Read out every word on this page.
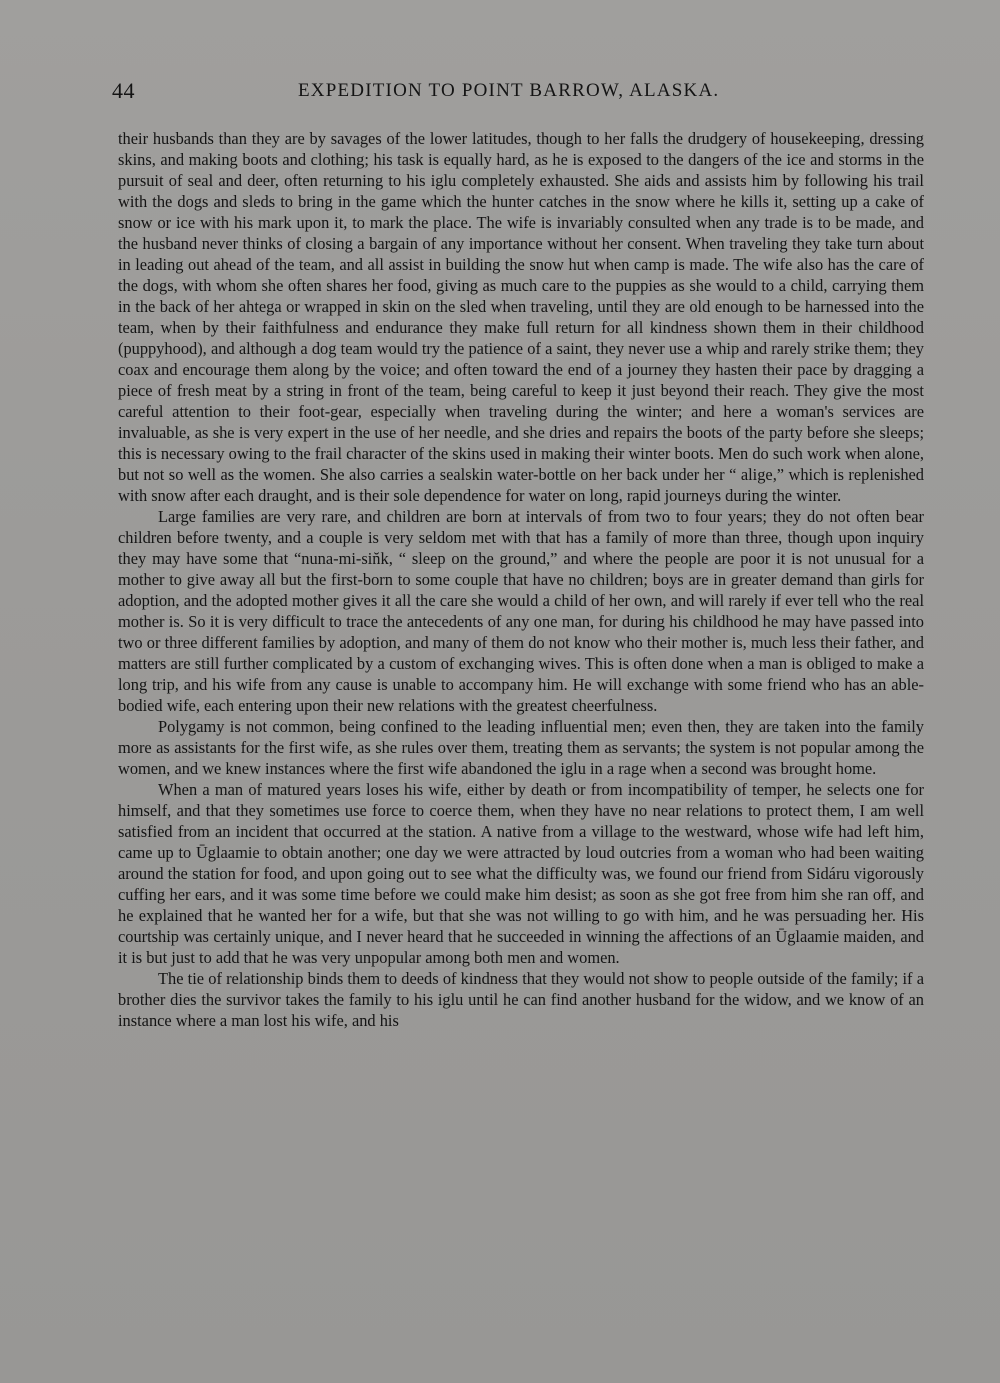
44	EXPEDITION TO POINT BARROW, ALASKA.

their husbands than they are by savages of the lower latitudes, though to her falls the drudgery of housekeeping, dressing skins, and making boots and clothing; his task is equally hard, as he is exposed to the dangers of the ice and storms in the pursuit of seal and deer, often returning to his iglu completely exhausted. She aids and assists him by following his trail with the dogs and sleds to bring in the game which the hunter catches in the snow where he kills it, setting up a cake of snow or ice with his mark upon it, to mark the place. The wife is invariably consulted when any trade is to be made, and the husband never thinks of closing a bargain of any importance without her consent. When traveling they take turn about in leading out ahead of the team, and all assist in building the snow hut when camp is made. The wife also has the care of the dogs, with whom she often shares her food, giving as much care to the puppies as she would to a child, carrying them in the back of her ahtega or wrapped in skin on the sled when traveling, until they are old enough to be harnessed into the team, when by their faithfulness and endurance they make full return for all kindness shown them in their childhood (puppyhood), and although a dog team would try the patience of a saint, they never use a whip and rarely strike them; they coax and encourage them along by the voice; and often toward the end of a journey they hasten their pace by dragging a piece of fresh meat by a string in front of the team, being careful to keep it just beyond their reach. They give the most careful attention to their foot-gear, especially when traveling during the winter; and here a woman's services are invaluable, as she is very expert in the use of her needle, and she dries and repairs the boots of the party before she sleeps; this is necessary owing to the frail character of the skins used in making their winter boots. Men do such work when alone, but not so well as the women. She also carries a sealskin water-bottle on her back under her “ alige,” which is replenished with snow after each draught, and is their sole dependence for water on long, rapid journeys during the winter.

Large families are very rare, and children are born at intervals of from two to four years; they do not often bear children before twenty, and a couple is very seldom met with that has a family of more than three, though upon inquiry they may have some that “nuna-mi-sin̆k, “ sleep on the ground,” and where the people are poor it is not unusual for a mother to give away all but the first-born to some couple that have no children; boys are in greater demand than girls for adoption, and the adopted mother gives it all the care she would a child of her own, and will rarely if ever tell who the real mother is. So it is very difficult to trace the antecedents of any one man, for during his childhood he may have passed into two or three different families by adoption, and many of them do not know who their mother is, much less their father, and matters are still further complicated by a custom of exchanging wives. This is often done when a man is obliged to make a long trip, and his wife from any cause is unable to accompany him. He will exchange with some friend who has an able-bodied wife, each entering upon their new relations with the greatest cheerfulness.

Polygamy is not common, being confined to the leading influential men; even then, they are taken into the family more as assistants for the first wife, as she rules over them, treating them as servants; the system is not popular among the women, and we knew instances where the first wife abandoned the iglu in a rage when a second was brought home.

When a man of matured years loses his wife, either by death or from incompatibility of temper, he selects one for himself, and that they sometimes use force to coerce them, when they have no near relations to protect them, I am well satisfied from an incident that occurred at the station. A native from a village to the westward, whose wife had left him, came up to Ūglaamie to obtain another; one day we were attracted by loud outcries from a woman who had been waiting around the station for food, and upon going out to see what the difficulty was, we found our friend from Sidáru vigorously cuffing her ears, and it was some time before we could make him desist; as soon as she got free from him she ran off, and he explained that he wanted her for a wife, but that she was not willing to go with him, and he was persuading her. His courtship was certainly unique, and I never heard that he succeeded in winning the affections of an Ūglaamie maiden, and it is but just to add that he was very unpopular among both men and women.

The tie of relationship binds them to deeds of kindness that they would not show to people outside of the family; if a brother dies the survivor takes the family to his iglu until he can find another husband for the widow, and we know of an instance where a man lost his wife, and his
